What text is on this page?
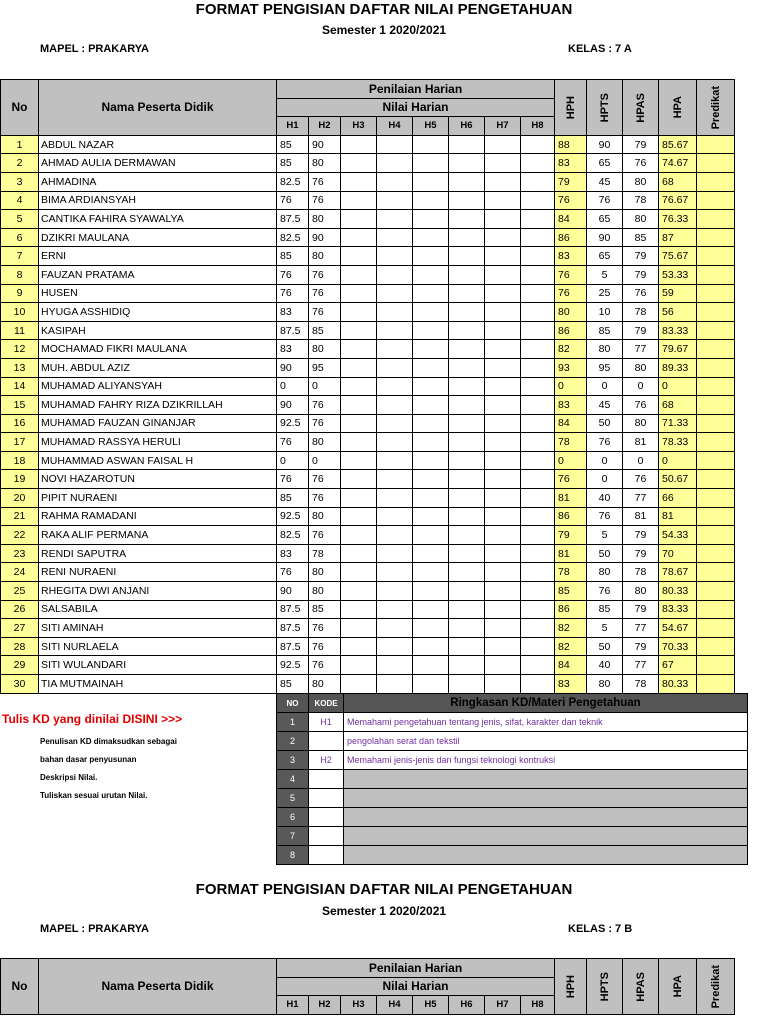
FORMAT PENGISIAN DAFTAR NILAI PENGETAHUAN
Semester 1 2020/2021
MAPEL : PRAKARYA	KELAS : 7 A
No	Nama Peserta Didik	Penilaian Harian								HPH	HPTS	HPAS	HPA	Predikat

		Nilai Harian												
		H1	H2	H3	H4	H5	H6	H7	H8					
1	ABDUL NAZAR	85	90							88	90	79	85.67	
2	AHMAD AULIA DERMAWAN	85	80							83	65	76	74.67	
3	AHMADINA	82.5	76							79	45	80	68	
4	BIMA ARDIANSYAH	76	76							76	76	78	76.67	
5	CANTIKA FAHIRA SYAWALYA	87.5	80							84	65	80	76.33	
6	DZIKRI MAULANA	82.5	90							86	90	85	87	
7	ERNI	85	80							83	65	79	75.67	
8	FAUZAN PRATAMA	76	76							76	5	79	53.33	
9	HUSEN	76	76							76	25	76	59	
10	HYUGA ASSHIDIQ	83	76							80	10	78	56	
11	KASIPAH	87.5	85							86	85	79	83.33	
12	MOCHAMAD FIKRI MAULANA	83	80							82	80	77	79.67	
13	MUH. ABDUL AZIZ	90	95							93	95	80	89.33	
14	MUHAMAD ALIYANSYAH	0	0							0	0	0	0	
15	MUHAMAD FAHRY RIZA DZIKRILLAH	90	76							83	45	76	68	
16	MUHAMAD FAUZAN GINANJAR	92.5	76							84	50	80	71.33	
17	MUHAMAD RASSYA HERULI	76	80							78	76	81	78.33	
18	MUHAMMAD ASWAN FAISAL H	0	0							0	0	0	0	
19	NOVI HAZAROTUN	76	76							76	0	76	50.67	
20	PIPIT NURAENI	85	76							81	40	77	66	
21	RAHMA RAMADANI	92.5	80							86	76	81	81	
22	RAKA ALIF PERMANA	82.5	76							79	5	79	54.33	
23	RENDI SAPUTRA	83	78							81	50	79	70	
24	RENI NURAENI	76	80							78	80	78	78.67	
25	RHEGITA DWI ANJANI	90	80							85	76	80	80.33	
26	SALSABILA	87.5	85							86	85	79	83.33	
27	SITI AMINAH	87.5	76							82	5	77	54.67	
28	SITI NURLAELA	87.5	76							82	50	79	70.33	
29	SITI WULANDARI	92.5	76							84	40	77	67	
30	TIA MUTMAINAH	85	80							83	80	78	80.33	
Tulis KD yang dinilai DISINI >>>
Penulisan KD dimaksudkan sebagai
bahan dasar penyusunan
Deskripsi Nilai.
Tuliskan sesuai urutan Nilai.
NO	KODE	Ringkasan KD/Materi Pengetahuan
1	H1	Memahami pengetahuan tentang jenis, sifat, karakter dan teknik
2		pengolahan serat dan tekstil
3	H2	Memahami jenis-jenis dan fungsi teknologi kontruksi
4		
5		
6		
7		
8		
FORMAT PENGISIAN DAFTAR NILAI PENGETAHUAN
Semester 1 2020/2021
MAPEL : PRAKARYA	KELAS : 7 B
No	Nama Peserta Didik	Penilaian Harian								HPH	HPTS	HPAS	HPA	Predikat

		Nilai Harian												
		H1	H2	H3	H4	H5	H6	H7	H8					
